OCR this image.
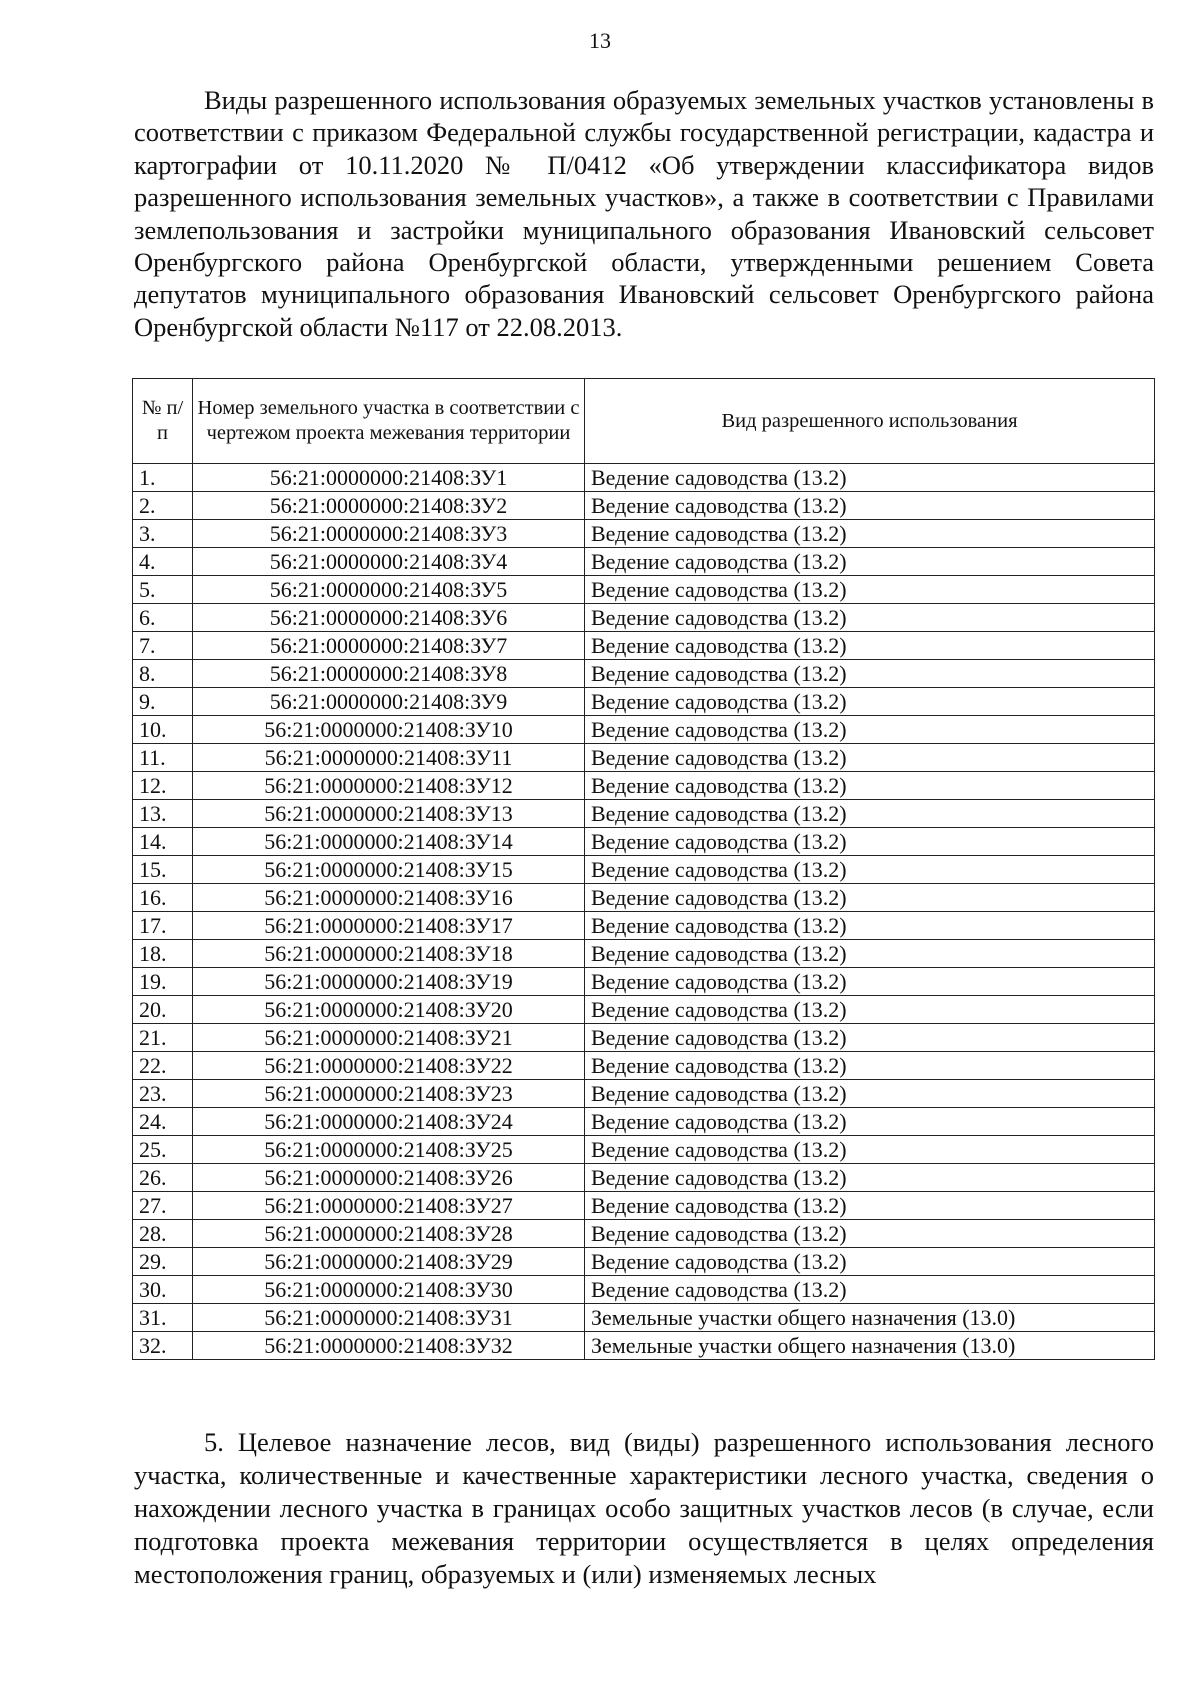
13

Виды разрешенного использования образуемых земельных участков установлены в соответствии с приказом Федеральной службы государственной регистрации, кадастра и картографии от 10.11.2020 № П/0412 «Об утверждении классификатора видов разрешенного использования земельных участков», а также в соответствии с Правилами землепользования и застройки муниципального образования Ивановский сельсовет Оренбургского района Оренбургской области, утвержденными решением Совета депутатов муниципального образования Ивановский сельсовет Оренбургского района Оренбургской области №117 от 22.08.2013.

№ п/п	Номер земельного участка в соответствии с чертежом проекта межевания территории	Вид разрешенного использования
1.	56:21:0000000:21408:ЗУ1	Ведение садоводства (13.2)
2.	56:21:0000000:21408:ЗУ2	Ведение садоводства (13.2)
3.	56:21:0000000:21408:ЗУ3	Ведение садоводства (13.2)
4.	56:21:0000000:21408:ЗУ4	Ведение садоводства (13.2)
5.	56:21:0000000:21408:ЗУ5	Ведение садоводства (13.2)
6.	56:21:0000000:21408:ЗУ6	Ведение садоводства (13.2)
7.	56:21:0000000:21408:ЗУ7	Ведение садоводства (13.2)
8.	56:21:0000000:21408:ЗУ8	Ведение садоводства (13.2)
9.	56:21:0000000:21408:ЗУ9	Ведение садоводства (13.2)
10.	56:21:0000000:21408:ЗУ10	Ведение садоводства (13.2)
11.	56:21:0000000:21408:ЗУ11	Ведение садоводства (13.2)
12.	56:21:0000000:21408:ЗУ12	Ведение садоводства (13.2)
13.	56:21:0000000:21408:ЗУ13	Ведение садоводства (13.2)
14.	56:21:0000000:21408:ЗУ14	Ведение садоводства (13.2)
15.	56:21:0000000:21408:ЗУ15	Ведение садоводства (13.2)
16.	56:21:0000000:21408:ЗУ16	Ведение садоводства (13.2)
17.	56:21:0000000:21408:ЗУ17	Ведение садоводства (13.2)
18.	56:21:0000000:21408:ЗУ18	Ведение садоводства (13.2)
19.	56:21:0000000:21408:ЗУ19	Ведение садоводства (13.2)
20.	56:21:0000000:21408:ЗУ20	Ведение садоводства (13.2)
21.	56:21:0000000:21408:ЗУ21	Ведение садоводства (13.2)
22.	56:21:0000000:21408:ЗУ22	Ведение садоводства (13.2)
23.	56:21:0000000:21408:ЗУ23	Ведение садоводства (13.2)
24.	56:21:0000000:21408:ЗУ24	Ведение садоводства (13.2)
25.	56:21:0000000:21408:ЗУ25	Ведение садоводства (13.2)
26.	56:21:0000000:21408:ЗУ26	Ведение садоводства (13.2)
27.	56:21:0000000:21408:ЗУ27	Ведение садоводства (13.2)
28.	56:21:0000000:21408:ЗУ28	Ведение садоводства (13.2)
29.	56:21:0000000:21408:ЗУ29	Ведение садоводства (13.2)
30.	56:21:0000000:21408:ЗУ30	Ведение садоводства (13.2)
31.	56:21:0000000:21408:ЗУ31	Земельные участки общего назначения (13.0)
32.	56:21:0000000:21408:ЗУ32	Земельные участки общего назначения (13.0)

5. Целевое назначение лесов, вид (виды) разрешенного использования лесного участка, количественные и качественные характеристики лесного участка, сведения о нахождении лесного участка в границах особо защитных участков лесов (в случае, если подготовка проекта межевания территории осуществляется в целях определения местоположения границ, образуемых и (или) изменяемых лесных
